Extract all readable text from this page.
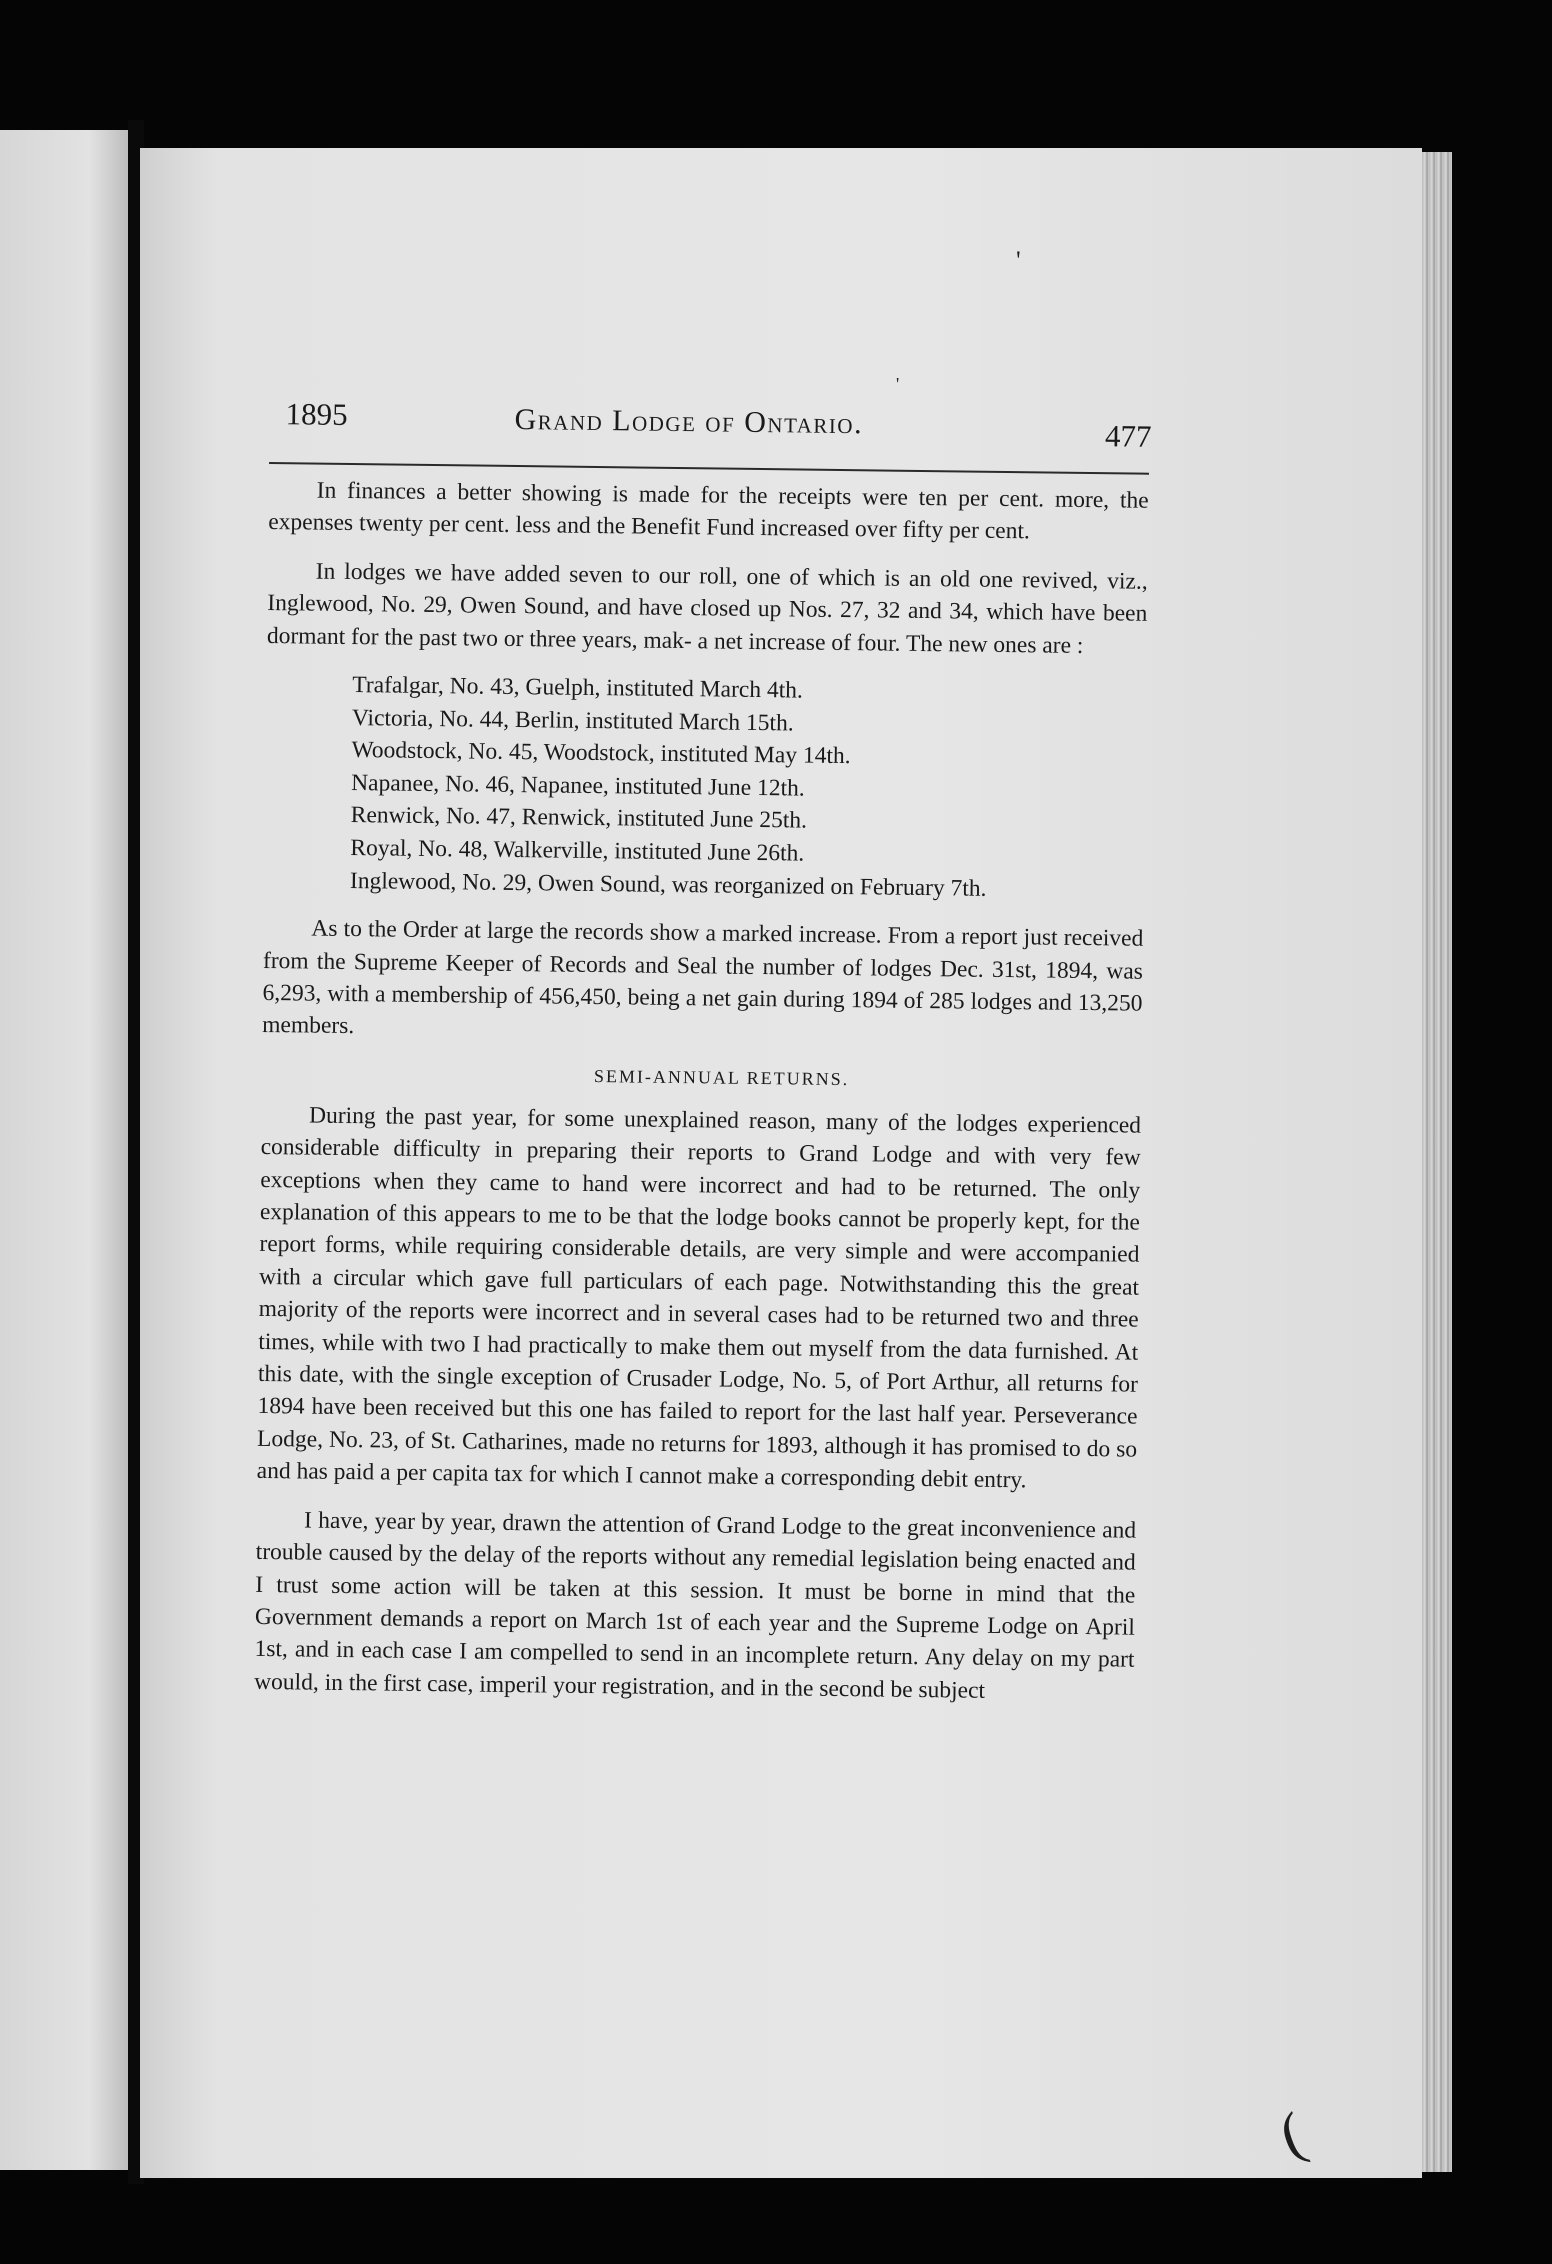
'
'
(
1895	Grand Lodge of Ontario.	477

In finances a better showing is made for the receipts were ten per cent. more, the expenses twenty per cent. less and the Benefit Fund increased over fifty per cent.

In lodges we have added seven to our roll, one of which is an old one revived, viz., Inglewood, No. 29, Owen Sound, and have closed up Nos. 27, 32 and 34, which have been dormant for the past two or three years, mak- a net increase of four. The new ones are :

Trafalgar, No. 43, Guelph, instituted March 4th.
Victoria, No. 44, Berlin, instituted March 15th.
Woodstock, No. 45, Woodstock, instituted May 14th.
Napanee, No. 46, Napanee, instituted June 12th.
Renwick, No. 47, Renwick, instituted June 25th.
Royal, No. 48, Walkerville, instituted June 26th.
Inglewood, No. 29, Owen Sound, was reorganized on February 7th.

As to the Order at large the records show a marked increase. From a report just received from the Supreme Keeper of Records and Seal the number of lodges Dec. 31st, 1894, was 6,293, with a membership of 456,450, being a net gain during 1894 of 285 lodges and 13,250 members.

SEMI-ANNUAL RETURNS.

During the past year, for some unexplained reason, many of the lodges experienced considerable difficulty in preparing their reports to Grand Lodge and with very few exceptions when they came to hand were incorrect and had to be returned. The only explanation of this appears to me to be that the lodge books cannot be properly kept, for the report forms, while requiring considerable details, are very simple and were accompanied with a circular which gave full particulars of each page. Notwithstanding this the great majority of the reports were incorrect and in several cases had to be returned two and three times, while with two I had practically to make them out myself from the data furnished. At this date, with the single exception of Crusader Lodge, No. 5, of Port Arthur, all returns for 1894 have been received but this one has failed to report for the last half year. Perseverance Lodge, No. 23, of St. Catharines, made no returns for 1893, although it has promised to do so and has paid a per capita tax for which I cannot make a corresponding debit entry.

I have, year by year, drawn the attention of Grand Lodge to the great inconvenience and trouble caused by the delay of the reports without any remedial legislation being enacted and I trust some action will be taken at this session. It must be borne in mind that the Government demands a report on March 1st of each year and the Supreme Lodge on April 1st, and in each case I am compelled to send in an incomplete return. Any delay on my part would, in the first case, imperil your registration, and in the second be subject
